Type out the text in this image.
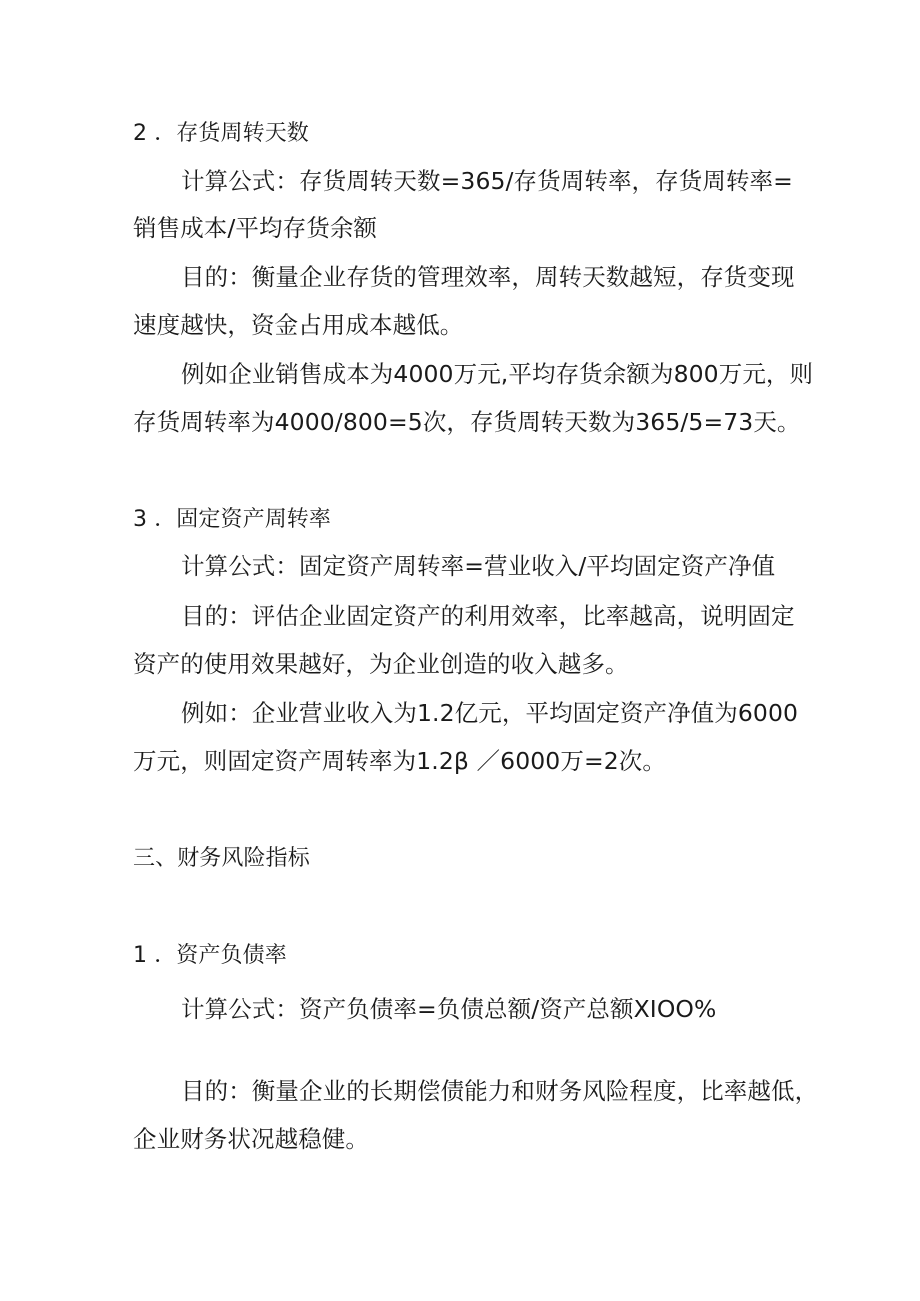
2 ．存货周转天数
计算公式：存货周转天数=365/存货周转率，存货周转率=
销售成本/平均存货余额
目的：衡量企业存货的管理效率，周转天数越短，存货变现
速度越快，资金占用成本越低。
例如企业销售成本为4000万元,平均存货余额为800万元，则
存货周转率为4000/800=5次，存货周转天数为365/5=73天。
3 ．固定资产周转率
计算公式：固定资产周转率=营业收入/平均固定资产净值
目的：评估企业固定资产的利用效率，比率越高，说明固定
资产的使用效果越好，为企业创造的收入越多。
例如：企业营业收入为1.2亿元，平均固定资产净值为6000
万元，则固定资产周转率为1.2β ／6000万=2次。
三、财务风险指标
1 ．资产负债率
计算公式：资产负债率=负债总额/资产总额XIOO%
目的：衡量企业的长期偿债能力和财务风险程度，比率越低，
企业财务状况越稳健。
